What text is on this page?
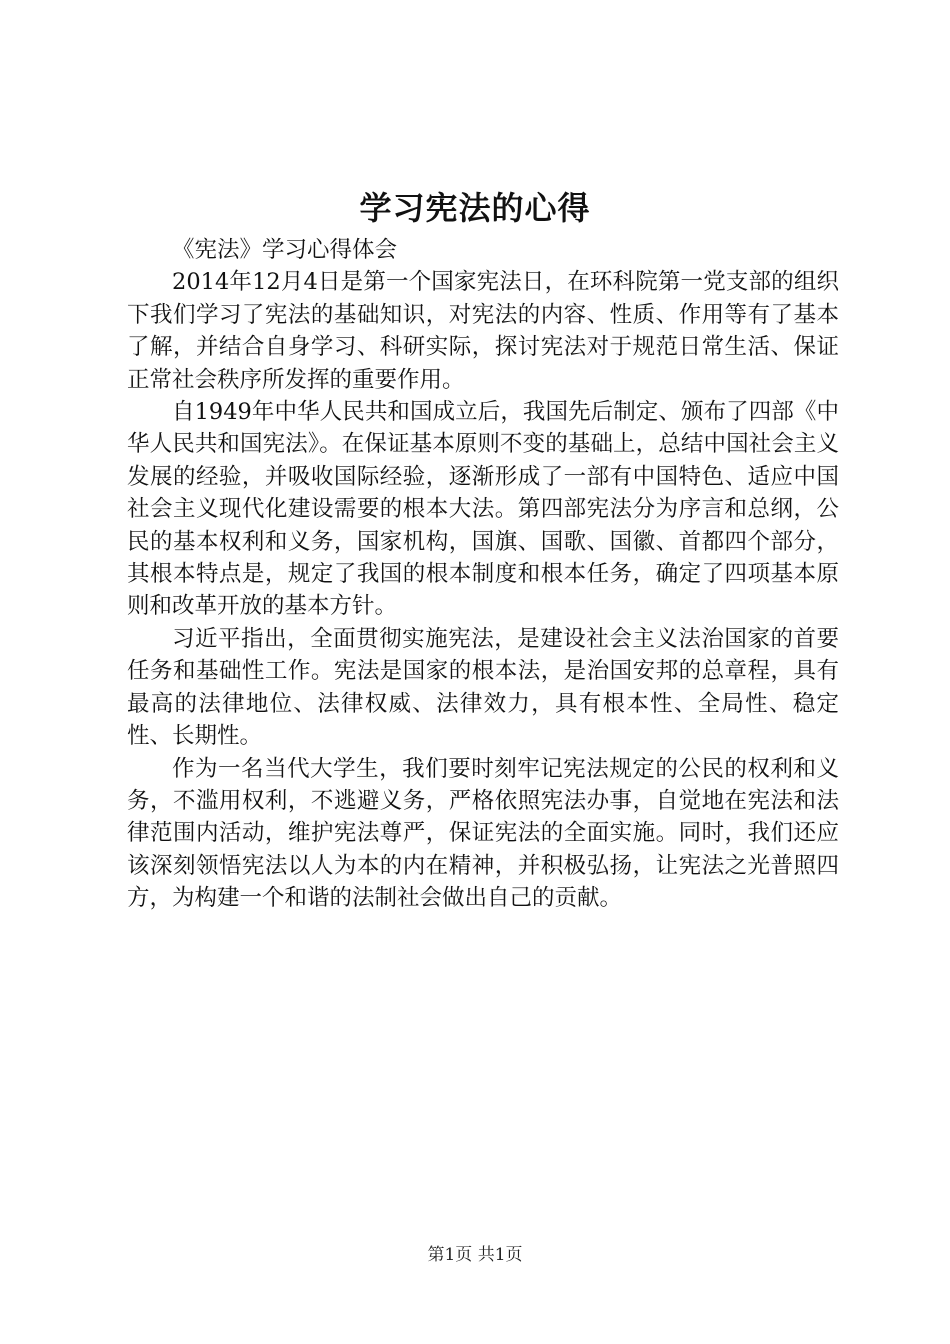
学习宪法的心得

《宪法》学习心得体会

2014年12月4日是第一个国家宪法日，在环科院第一党支部的组织下我们学习了宪法的基础知识，对宪法的内容、性质、作用等有了基本了解，并结合自身学习、科研实际，探讨宪法对于规范日常生活、保证正常社会秩序所发挥的重要作用。

自1949年中华人民共和国成立后，我国先后制定、颁布了四部《中华人民共和国宪法》。在保证基本原则不变的基础上，总结中国社会主义发展的经验，并吸收国际经验，逐渐形成了一部有中国特色、适应中国社会主义现代化建设需要的根本大法。第四部宪法分为序言和总纲，公民的基本权利和义务，国家机构，国旗、国歌、国徽、首都四个部分，其根本特点是，规定了我国的根本制度和根本任务，确定了四项基本原则和改革开放的基本方针。

习近平指出，全面贯彻实施宪法，是建设社会主义法治国家的首要任务和基础性工作。宪法是国家的根本法，是治国安邦的总章程，具有最高的法律地位、法律权威、法律效力，具有根本性、全局性、稳定性、长期性。

作为一名当代大学生，我们要时刻牢记宪法规定的公民的权利和义务，不滥用权利，不逃避义务，严格依照宪法办事，自觉地在宪法和法律范围内活动，维护宪法尊严，保证宪法的全面实施。同时，我们还应该深刻领悟宪法以人为本的内在精神，并积极弘扬，让宪法之光普照四方，为构建一个和谐的法制社会做出自己的贡献。

第1页 共1页
